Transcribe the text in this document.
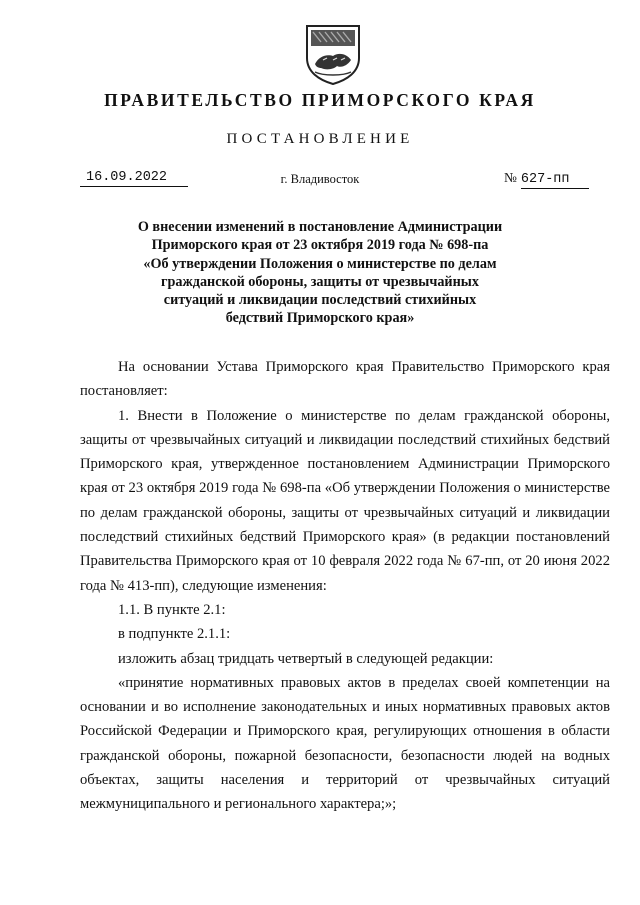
ПРАВИТЕЛЬСТВО ПРИМОРСКОГО КРАЯ
ПОСТАНОВЛЕНИЕ
16.09.2022	г. Владивосток	№ 627-пп
О внесении изменений в постановление Администрации
Приморского края от 23 октября 2019 года № 698-па
«Об утверждении Положения о министерстве по делам
гражданской обороны, защиты от чрезвычайных
ситуаций и ликвидации последствий стихийных
бедствий Приморского края»

На основании Устава Приморского края Правительство Приморского края постановляет:

1. Внести в Положение о министерстве по делам гражданской обороны, защиты от чрезвычайных ситуаций и ликвидации последствий стихийных бедствий Приморского края, утвержденное постановлением Администрации Приморского края от 23 октября 2019 года № 698-па «Об утверждении Положения о министерстве по делам гражданской обороны, защиты от чрезвычайных ситуаций и ликвидации последствий стихийных бедствий Приморского края» (в редакции постановлений Правительства Приморского края от 10 февраля 2022 года № 67-пп, от 20 июня 2022 года № 413-пп), следующие изменения:

1.1. В пункте 2.1:

в подпункте 2.1.1:

изложить абзац тридцать четвертый в следующей редакции:

«принятие нормативных правовых актов в пределах своей компетенции на основании и во исполнение законодательных и иных нормативных правовых актов Российской Федерации и Приморского края, регулирующих отношения в области гражданской обороны, пожарной безопасности, безопасности людей на водных объектах, защиты населения и территорий от чрезвычайных ситуаций межмуниципального и регионального характера;»;
